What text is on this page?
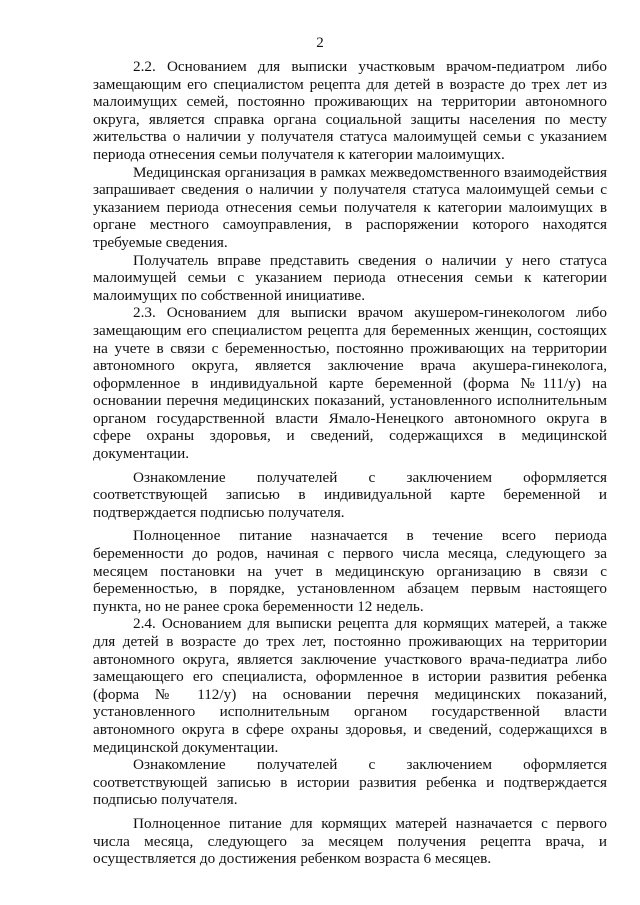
2

2.2. Основанием для выписки участковым врачом-педиатром либо замещающим его специалистом рецепта для детей в возрасте до трех лет из малоимущих семей, постоянно проживающих на территории автономного округа, является справка органа социальной защиты населения по месту жительства о наличии у получателя статуса малоимущей семьи с указанием периода отнесения семьи получателя к категории малоимущих.

Медицинская организация в рамках межведомственного взаимодействия запрашивает сведения о наличии у получателя статуса малоимущей семьи с указанием периода отнесения семьи получателя к категории малоимущих в органе местного самоуправления, в распоряжении которого находятся требуемые сведения.

Получатель вправе представить сведения о наличии у него статуса малоимущей семьи с указанием периода отнесения семьи к категории малоимущих по собственной инициативе.

2.3. Основанием для выписки врачом акушером-гинекологом либо замещающим его специалистом рецепта для беременных женщин, состоящих на учете в связи с беременностью, постоянно проживающих на территории автономного округа, является заключение врача акушера-гинеколога, оформленное в индивидуальной карте беременной (форма №111/у) на основании перечня медицинских показаний, установленного исполнительным органом государственной власти Ямало-Ненецкого автономного округа в сфере охраны здоровья, и сведений, содержащихся в медицинской документации.

Ознакомление получателей с заключением оформляется соответствующей записью в индивидуальной карте беременной и подтверждается подписью получателя.

Полноценное питание назначается в течение всего периода беременности до родов, начиная с первого числа месяца, следующего за месяцем постановки на учет в медицинскую организацию в связи с беременностью, в порядке, установленном абзацем первым настоящего пункта, но не ранее срока беременности 12 недель.

2.4. Основанием для выписки рецепта для кормящих матерей, а также для детей в возрасте до трех лет, постоянно проживающих на территории автономного округа, является заключение участкового врача-педиатра либо замещающего его специалиста, оформленное в истории развития ребенка (форма № 112/у) на основании перечня медицинских показаний, установленного исполнительным органом государственной власти автономного округа в сфере охраны здоровья, и сведений, содержащихся в медицинской документации.

Ознакомление получателей с заключением оформляется соответствующей записью в истории развития ребенка и подтверждается подписью получателя.

Полноценное питание для кормящих матерей назначается с первого числа месяца, следующего за месяцем получения рецепта врача, и осуществляется до достижения ребенком возраста 6 месяцев.
